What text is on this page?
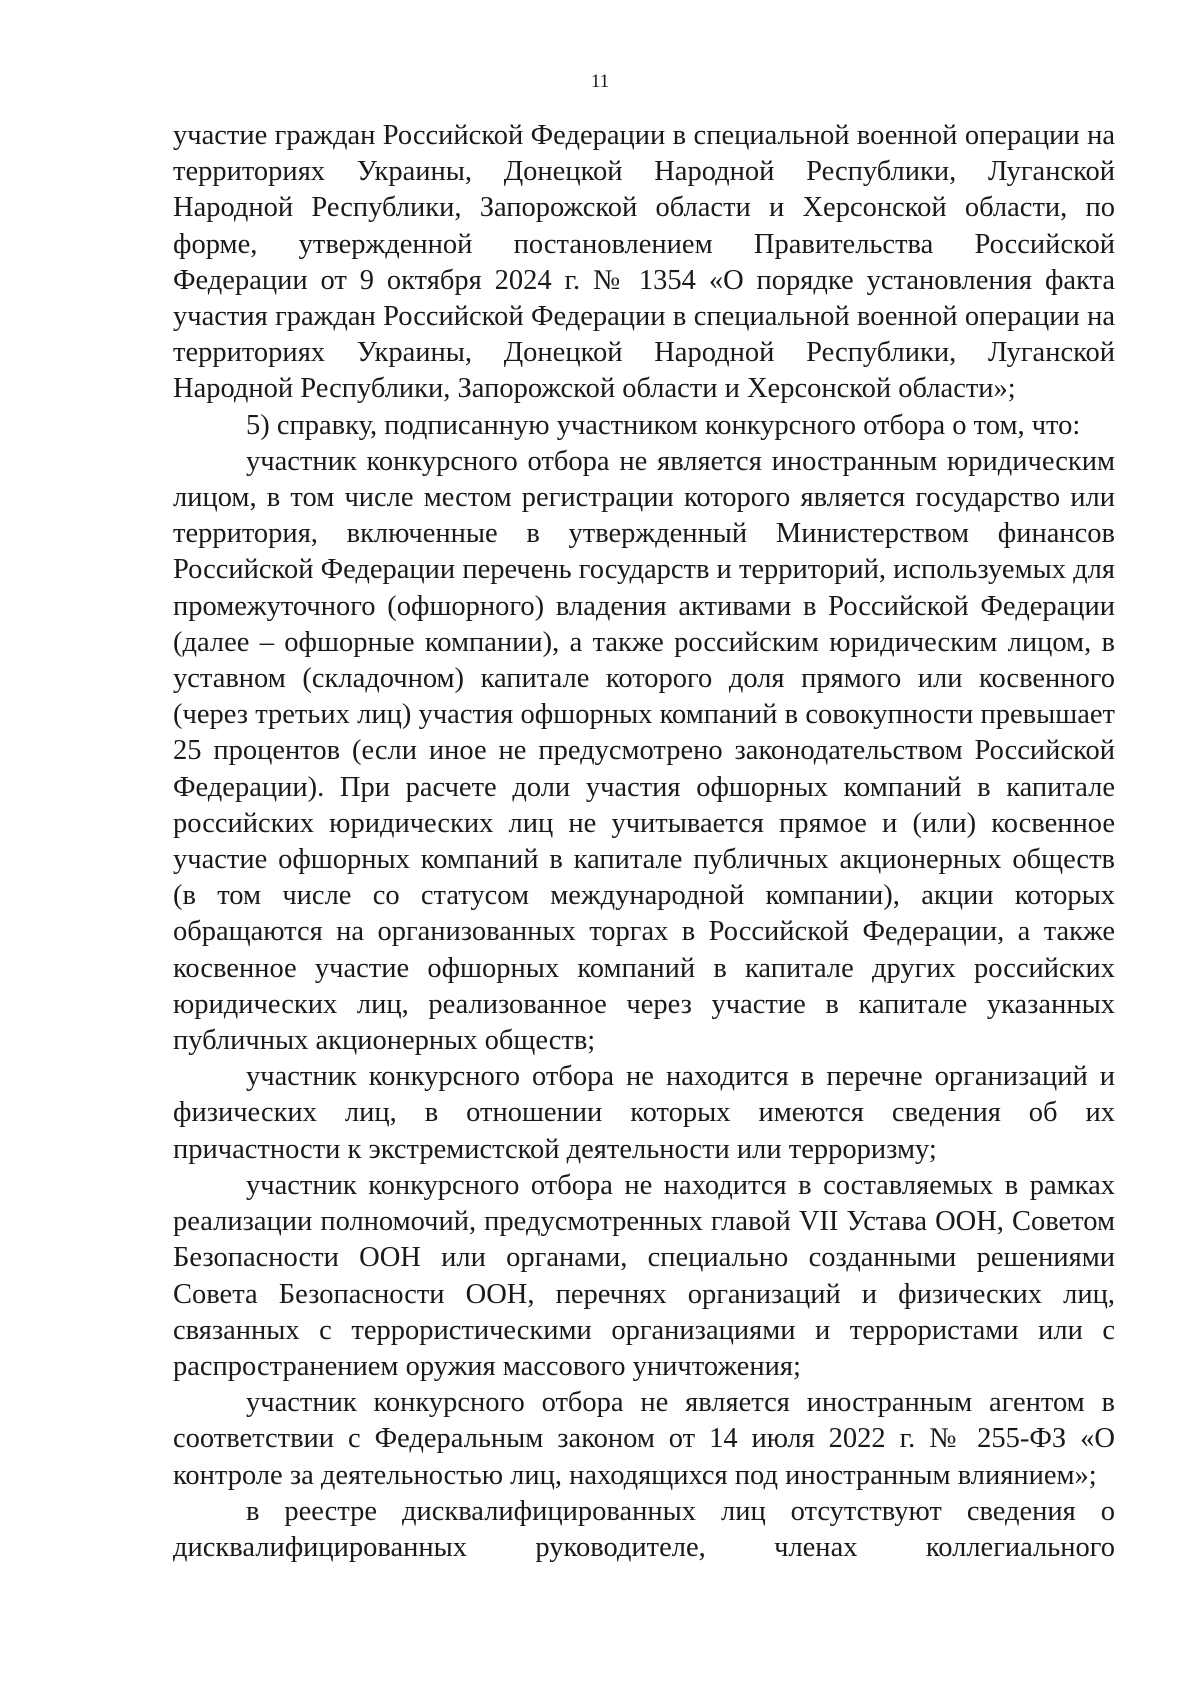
11

участие граждан Российской Федерации в специальной военной операции на территориях Украины, Донецкой Народной Республики, Луганской Народной Республики, Запорожской области и Херсонской области, по форме, утвержденной постановлением Правительства Российской Федерации от 9 октября 2024 г. № 1354 «О порядке установления факта участия граждан Российской Федерации в специальной военной операции на территориях Украины, Донецкой Народной Республики, Луганской Народной Республики, Запорожской области и Херсонской области»;

5) справку, подписанную участником конкурсного отбора о том, что:

участник конкурсного отбора не является иностранным юридическим лицом, в том числе местом регистрации которого является государство или территория, включенные в утвержденный Министерством финансов Российской Федерации перечень государств и территорий, используемых для промежуточного (офшорного) владения активами в Российской Федерации (далее – офшорные компании), а также российским юридическим лицом, в уставном (складочном) капитале которого доля прямого или косвенного (через третьих лиц) участия офшорных компаний в совокупности превышает 25 процентов (если иное не предусмотрено законодательством Российской Федерации). При расчете доли участия офшорных компаний в капитале российских юридических лиц не учитывается прямое и (или) косвенное участие офшорных компаний в капитале публичных акционерных обществ (в том числе со статусом международной компании), акции которых обращаются на организованных торгах в Российской Федерации, а также косвенное участие офшорных компаний в капитале других российских юридических лиц, реализованное через участие в капитале указанных публичных акционерных обществ;

участник конкурсного отбора не находится в перечне организаций и физических лиц, в отношении которых имеются сведения об их причастности к экстремистской деятельности или терроризму;

участник конкурсного отбора не находится в составляемых в рамках реализации полномочий, предусмотренных главой VII Устава ООН, Советом Безопасности ООН или органами, специально созданными решениями Совета Безопасности ООН, перечнях организаций и физических лиц, связанных с террористическими организациями и террористами или с распространением оружия массового уничтожения;

участник конкурсного отбора не является иностранным агентом в соответствии с Федеральным законом от 14 июля 2022 г. № 255-ФЗ «О контроле за деятельностью лиц, находящихся под иностранным влиянием»;

в реестре дисквалифицированных лиц отсутствуют сведения о дисквалифицированных руководителе, членах коллегиального
